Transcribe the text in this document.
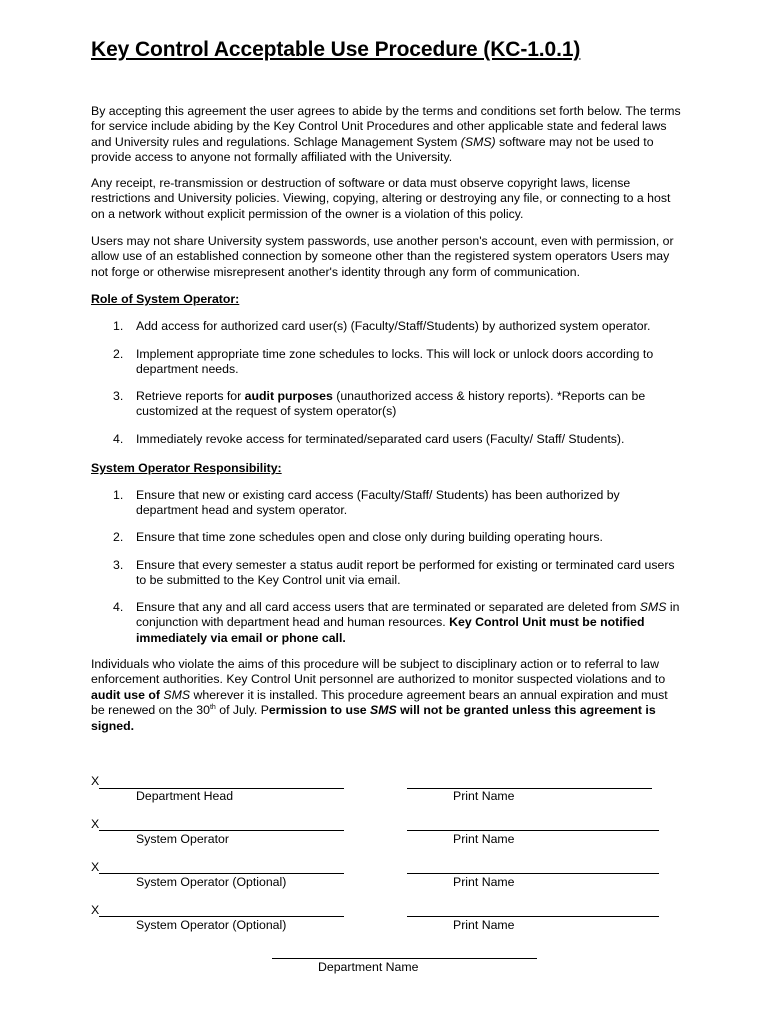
Key Control Acceptable Use Procedure (KC-1.0.1)

By accepting this agreement the user agrees to abide by the terms and conditions set forth below. The terms for service include abiding by the Key Control Unit Procedures and other applicable state and federal laws and University rules and regulations. Schlage Management System (SMS) software may not be used to provide access to anyone not formally affiliated with the University.

Any receipt, re-transmission or destruction of software or data must observe copyright laws, license restrictions and University policies. Viewing, copying, altering or destroying any file, or connecting to a host on a network without explicit permission of the owner is a violation of this policy.

Users may not share University system passwords, use another person's account, even with permission, or allow use of an established connection by someone other than the registered system operators Users may not forge or otherwise misrepresent another's identity through any form of communication.

Role of System Operator:

1.	Add access for authorized card user(s) (Faculty/Staff/Students) by authorized system operator.
2.	Implement appropriate time zone schedules to locks. This will lock or unlock doors according to department needs.
3.	Retrieve reports for audit purposes (unauthorized access & history reports). *Reports can be customized at the request of system operator(s)
4.	Immediately revoke access for terminated/separated card users (Faculty/ Staff/ Students).

System Operator Responsibility:

1.	Ensure that new or existing card access (Faculty/Staff/ Students) has been authorized by department head and system operator.
2.	Ensure that time zone schedules open and close only during building operating hours.
3.	Ensure that every semester a status audit report be performed for existing or terminated card users to be submitted to the Key Control unit via email.
4.	Ensure that any and all card access users that are terminated or separated are deleted from SMS in conjunction with department head and human resources. Key Control Unit must be notified immediately via email or phone call.

Individuals who violate the aims of this procedure will be subject to disciplinary action or to referral to law enforcement authorities. Key Control Unit personnel are authorized to monitor suspected violations and to audit use of SMS wherever it is installed. This procedure agreement bears an annual expiration and must be renewed on the 30th of July. Permission to use SMS will not be granted unless this agreement is signed.

X
Department Head	Print Name
X
System Operator	Print Name
X
System Operator (Optional)	Print Name
X
System Operator (Optional)	Print Name
Department Name
